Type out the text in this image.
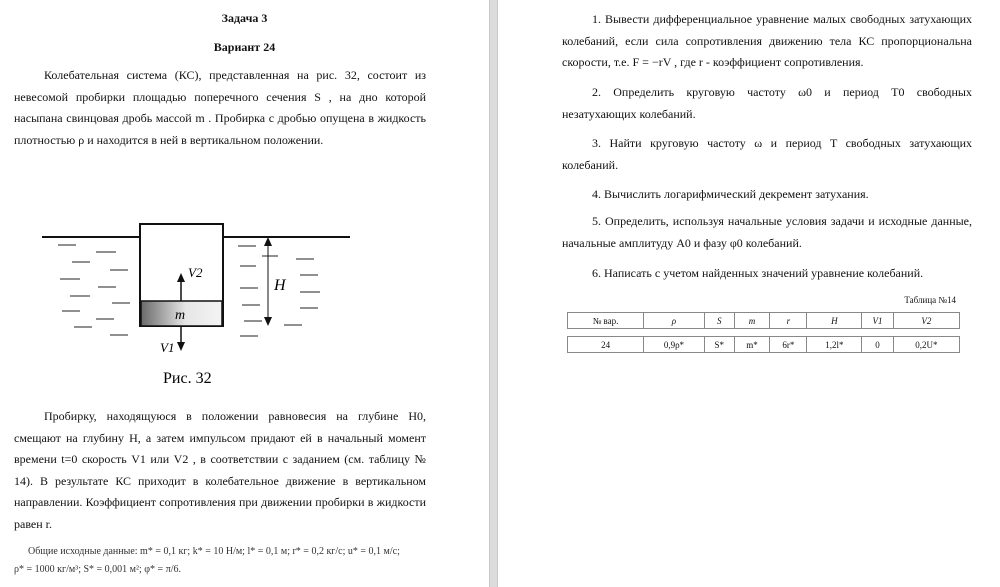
Задача 3
Вариант 24
Колебательная система (КС), представленная на рис. 32, состоит из невесомой пробирки площадью поперечного сечения S , на дно которой насыпана свинцовая дробь массой m . Пробирка с дробью опущена в жидкость плотностью ρ и находится в ней в вертикальном положении.
m
V2
V1
H
Рис. 32
Пробирку, находящуюся в положении равновесия на глубине H0, смещают на глубину H, а затем импульсом придают ей в начальный момент времени t=0 скорость V1 или V2 , в соответствии с заданием (см. таблицу № 14). В результате КС приходит в колебательное движение в вертикальном направлении. Коэффициент сопротивления при движении пробирки в жидкости равен r.
Общие исходные данные: m* = 0,1 кг; k* = 10 Н/м; l* = 0,1 м; r* = 0,2 кг/с; u* = 0,1 м/с;
ρ* = 1000 кг/м³; S* = 0,001 м²; φ* = π/6.
1. Вывести дифференциальное уравнение малых свободных затухающих колебаний, если сила сопротивления движению тела КС пропорциональна скорости, т.е. F = −rV , где r - коэффициент сопротивления.
2. Определить круговую частоту ω0 и период T0 свободных незатухающих колебаний.
3. Найти круговую частоту ω и период T свободных затухающих колебаний.
4. Вычислить логарифмический декремент затухания.
5. Определить, используя начальные условия задачи и исходные данные, начальные амплитуду A0 и фазу φ0 колебаний.
6. Написать с учетом найденных значений уравнение колебаний.
Таблица №14
№ вар.	ρ	S	m	r	H	V1	V2

24	0,9ρ*	S*	m*	6r*	1,2l*	0	0,2U*
